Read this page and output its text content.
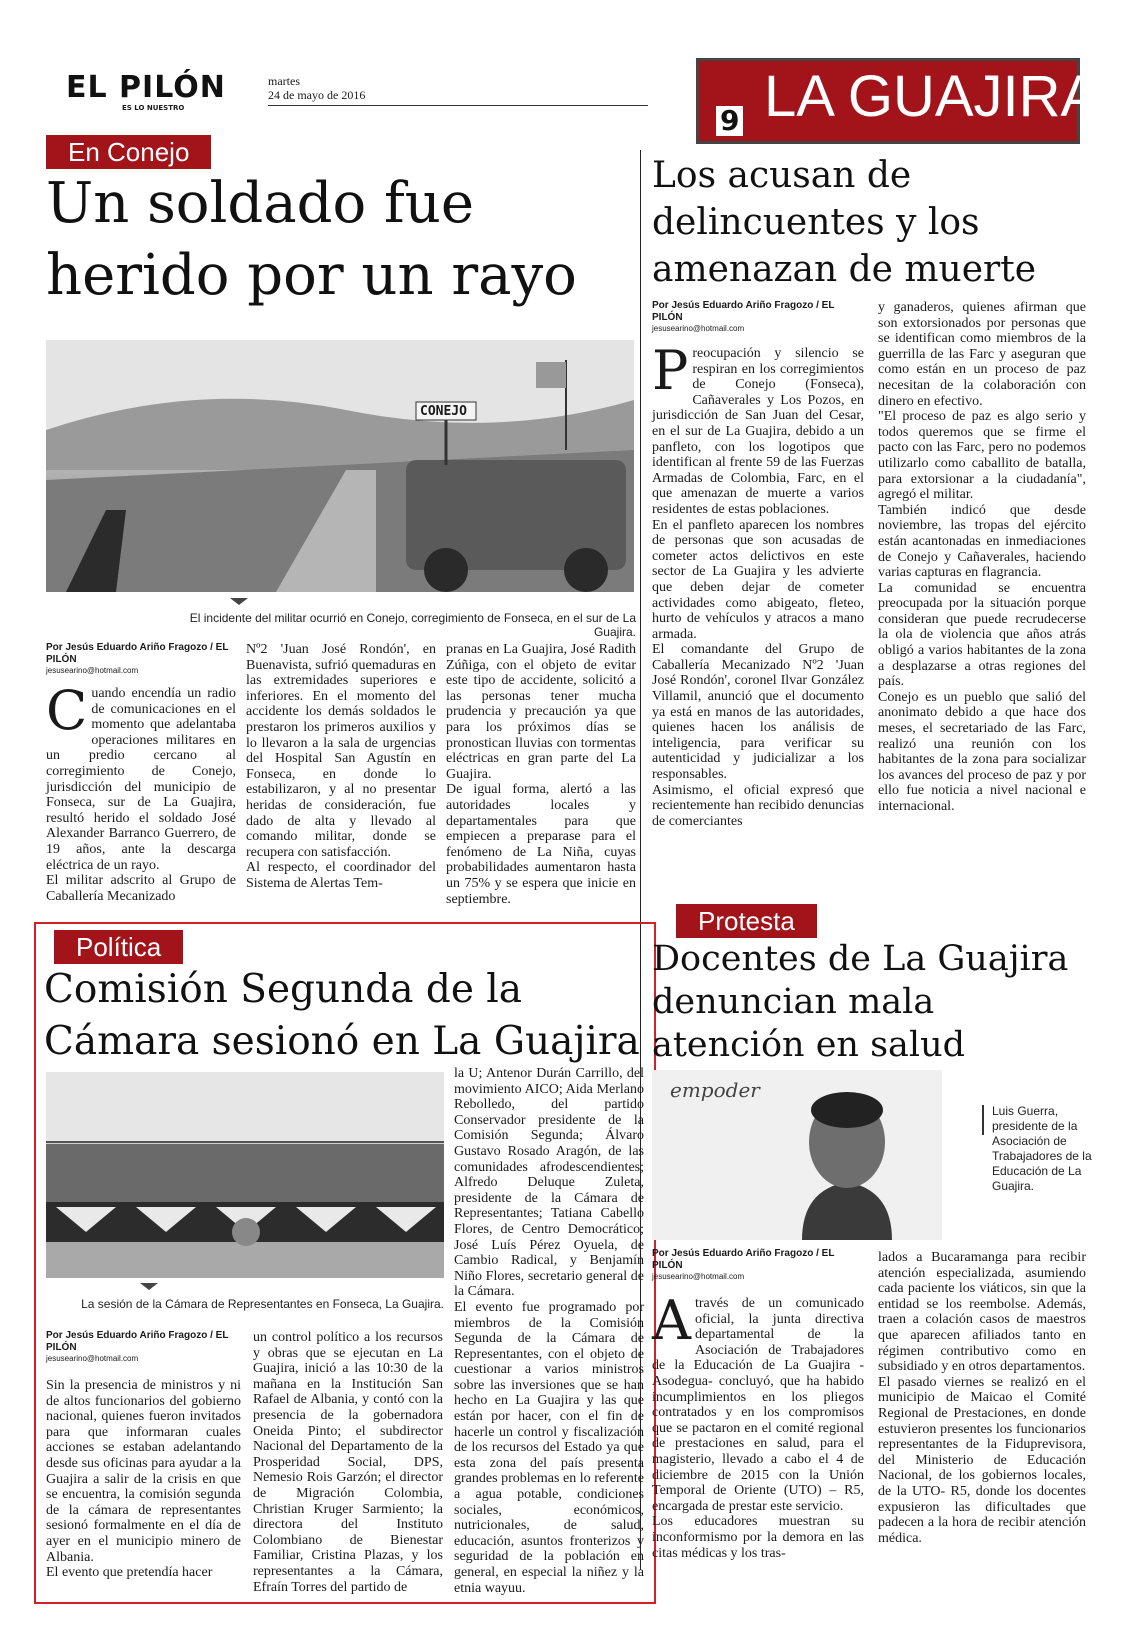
EL PILÓN
ES LO NUESTRO
martes
24 de mayo de 2016	LA GUAJIRA
9
En Conejo
Un soldado fue herido por un rayo
CONEJO
El incidente del militar ocurrió en Conejo, corregimiento de Fonseca, en el sur de La Guajira.
Por Jesús Eduardo Ariño Fragozo / EL PILÓN
jesusearino@hotmail.com
Cuando encendía un radio de comunicaciones en el momento que adelantaba operaciones militares en un predio cercano al corregimiento de Conejo, jurisdicción del municipio de Fonseca, sur de La Guajira, resultó herido el soldado José Alexander Barranco Guerrero, de 19 años, ante la descarga eléctrica de un rayo.
El militar adscrito al Grupo de Caballería Mecanizado
Nº2 'Juan José Rondón', en Buenavista, sufrió quemaduras en las extremidades superiores e inferiores. En el momento del accidente los demás soldados le prestaron los primeros auxilios y lo llevaron a la sala de urgencias del Hospital San Agustín en Fonseca, en donde lo estabilizaron, y al no presentar heridas de consideración, fue dado de alta y llevado al comando militar, donde se recupera con satisfacción.
Al respecto, el coordinador del Sistema de Alertas Tem-
pranas en La Guajira, José Radith Zúñiga, con el objeto de evitar este tipo de accidente, solicitó a las personas tener mucha prudencia y precaución ya que para los próximos días se pronostican lluvias con tormentas eléctricas en gran parte del La Guajira.
De igual forma, alertó a las autoridades locales y departamentales para que empiecen a preparase para el fenómeno de La Niña, cuyas probabilidades aumentaron hasta un 75% y se espera que inicie en septiembre.
Los acusan de delincuentes y los amenazan de muerte
Por Jesús Eduardo Ariño Fragozo / EL PILÓN
jesusearino@hotmail.com
Preocupación y silencio se respiran en los corregimientos de Conejo (Fonseca), Cañaverales y Los Pozos, en jurisdicción de San Juan del Cesar, en el sur de La Guajira, debido a un panfleto, con los logotipos que identifican al frente 59 de las Fuerzas Armadas de Colombia, Farc, en el que amenazan de muerte a varios residentes de estas poblaciones.
En el panfleto aparecen los nombres de personas que son acusadas de cometer actos delictivos en este sector de La Guajira y les advierte que deben dejar de cometer actividades como abigeato, fleteo, hurto de vehículos y atracos a mano armada.
El comandante del Grupo de Caballería Mecanizado Nº2 'Juan José Rondón', coronel Ilvar González Villamil, anunció que el documento ya está en manos de las autoridades, quienes hacen los análisis de inteligencia, para verificar su autenticidad y judicializar a los responsables.
Asimismo, el oficial expresó que recientemente han recibido denuncias de comerciantes
y ganaderos, quienes afirman que son extorsionados por personas que se identifican como miembros de la guerrilla de las Farc y aseguran que como están en un proceso de paz necesitan de la colaboración con dinero en efectivo.
"El proceso de paz es algo serio y todos queremos que se firme el pacto con las Farc, pero no podemos utilizarlo como caballito de batalla, para extorsionar a la ciudadanía", agregó el militar.
También indicó que desde noviembre, las tropas del ejército están acantonadas en inmediaciones de Conejo y Cañaverales, haciendo varias capturas en flagrancia.
La comunidad se encuentra preocupada por la situación porque consideran que puede recrudecerse la ola de violencia que años atrás obligó a varios habitantes de la zona a desplazarse a otras regiones del país.
Conejo es un pueblo que salió del anonimato debido a que hace dos meses, el secretariado de las Farc, realizó una reunión con los habitantes de la zona para socializar los avances del proceso de paz y por ello fue noticia a nivel nacional e internacional.
Política
Comisión Segunda de la Cámara sesionó en La Guajira
La sesión de la Cámara de Representantes en Fonseca, La Guajira.
la U; Antenor Durán Carrillo, del movimiento AICO; Aida Merlano Rebolledo, del partido Conservador presidente de la Comisión Segunda; Álvaro Gustavo Rosado Aragón, de las comunidades afrodescendientes; Alfredo Deluque Zuleta, presidente de la Cámara de Representantes; Tatiana Cabello Flores, de Centro Democrático; José Luís Pérez Oyuela, de Cambio Radical, y Benjamín Niño Flores, secretario general de la Cámara.
El evento fue programado por miembros de la Comisión Segunda de la Cámara de Representantes, con el objeto de cuestionar a varios ministros sobre las inversiones que se han hecho en La Guajira y las que están por hacer, con el fin de hacerle un control y fiscalización de los recursos del Estado ya que esta zona del país presenta grandes problemas en lo referente a agua potable, condiciones sociales, económicos, nutricionales, de salud, educación, asuntos fronterizos y seguridad de la población en general, en especial la niñez y la etnia wayuu.
Por Jesús Eduardo Ariño Fragozo / EL PILÓN
jesusearino@hotmail.com
Sin la presencia de ministros y ni de altos funcionarios del gobierno nacional, quienes fueron invitados para que informaran cuales acciones se estaban adelantando desde sus oficinas para ayudar a la Guajira a salir de la crisis en que se encuentra, la comisión segunda de la cámara de representantes sesionó formalmente en el día de ayer en el municipio minero de Albania.
El evento que pretendía hacer
un control político a los recursos y obras que se ejecutan en La Guajira, inició a las 10:30 de la mañana en la Institución San Rafael de Albania, y contó con la presencia de la gobernadora Oneida Pinto; el subdirector Nacional del Departamento de la Prosperidad Social, DPS, Nemesio Rois Garzón; el director de Migración Colombia, Christian Kruger Sarmiento; la directora del Instituto Colombiano de Bienestar Familiar, Cristina Plazas, y los representantes a la Cámara, Efraín Torres del partido de
Protesta
Docentes de La Guajira denuncian mala atención en salud
empoder
Luis Guerra, presidente de la Asociación de Trabajadores de la Educación de La Guajira.
Por Jesús Eduardo Ariño Fragozo / EL PILÓN
jesusearino@hotmail.com
Através de un comunicado oficial, la junta directiva departamental de la Asociación de Trabajadores de la Educación de La Guajira -Asodegua- concluyó, que ha habido incumplimientos en los pliegos contratados y en los compromisos que se pactaron en el comité regional de prestaciones en salud, para el magisterio, llevado a cabo el 4 de diciembre de 2015 con la Unión Temporal de Oriente (UTO) – R5, encargada de prestar este servicio.
Los educadores muestran su inconformismo por la demora en las citas médicas y los tras-
lados a Bucaramanga para recibir atención especializada, asumiendo cada paciente los viáticos, sin que la entidad se los reembolse. Además, traen a colación casos de maestros que aparecen afiliados tanto en régimen contributivo como en subsidiado y en otros departamentos.
El pasado viernes se realizó en el municipio de Maicao el Comité Regional de Prestaciones, en donde estuvieron presentes los funcionarios representantes de la Fiduprevisora, del Ministerio de Educación Nacional, de los gobiernos locales, de la UTO- R5, donde los docentes expusieron las dificultades que padecen a la hora de recibir atención médica.
